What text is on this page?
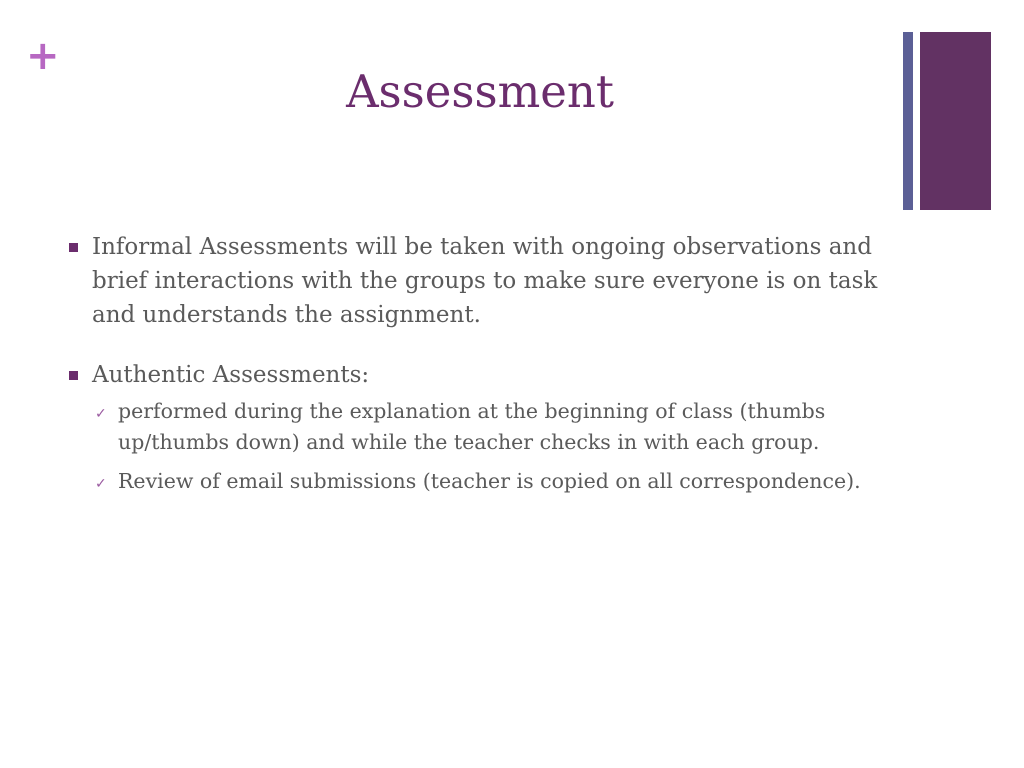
+
Assessment
Informal Assessments will be taken with ongoing observations and brief interactions with the groups to make sure everyone is on task and understands the assignment.
Authentic Assessments:
✓ performed during the explanation at the beginning of class (thumbs up/thumbs down) and while the teacher checks in with each group.
✓ Review of email submissions (teacher is copied on all correspondence).
